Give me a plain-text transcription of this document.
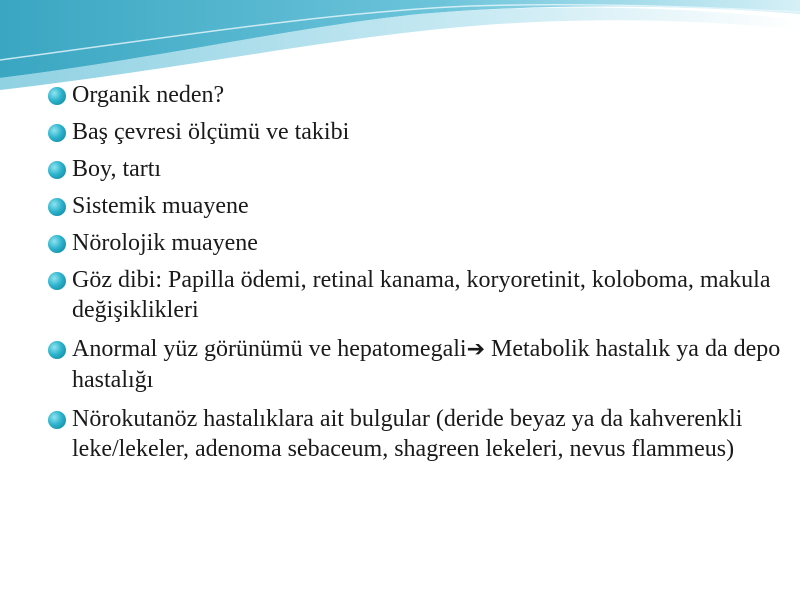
Organik neden?
Baş çevresi ölçümü ve takibi
Boy, tartı
Sistemik muayene
Nörolojik muayene
Göz dibi: Papilla ödemi, retinal kanama, koryoretinit, koloboma, makula değişiklikleri
Anormal yüz görünümü ve hepatomegali➔ Metabolik hastalık ya da depo hastalığı
Nörokutanöz hastalıklara ait bulgular (deride beyaz ya da kahverenkli leke/lekeler, adenoma sebaceum, shagreen lekeleri, nevus flammeus)
